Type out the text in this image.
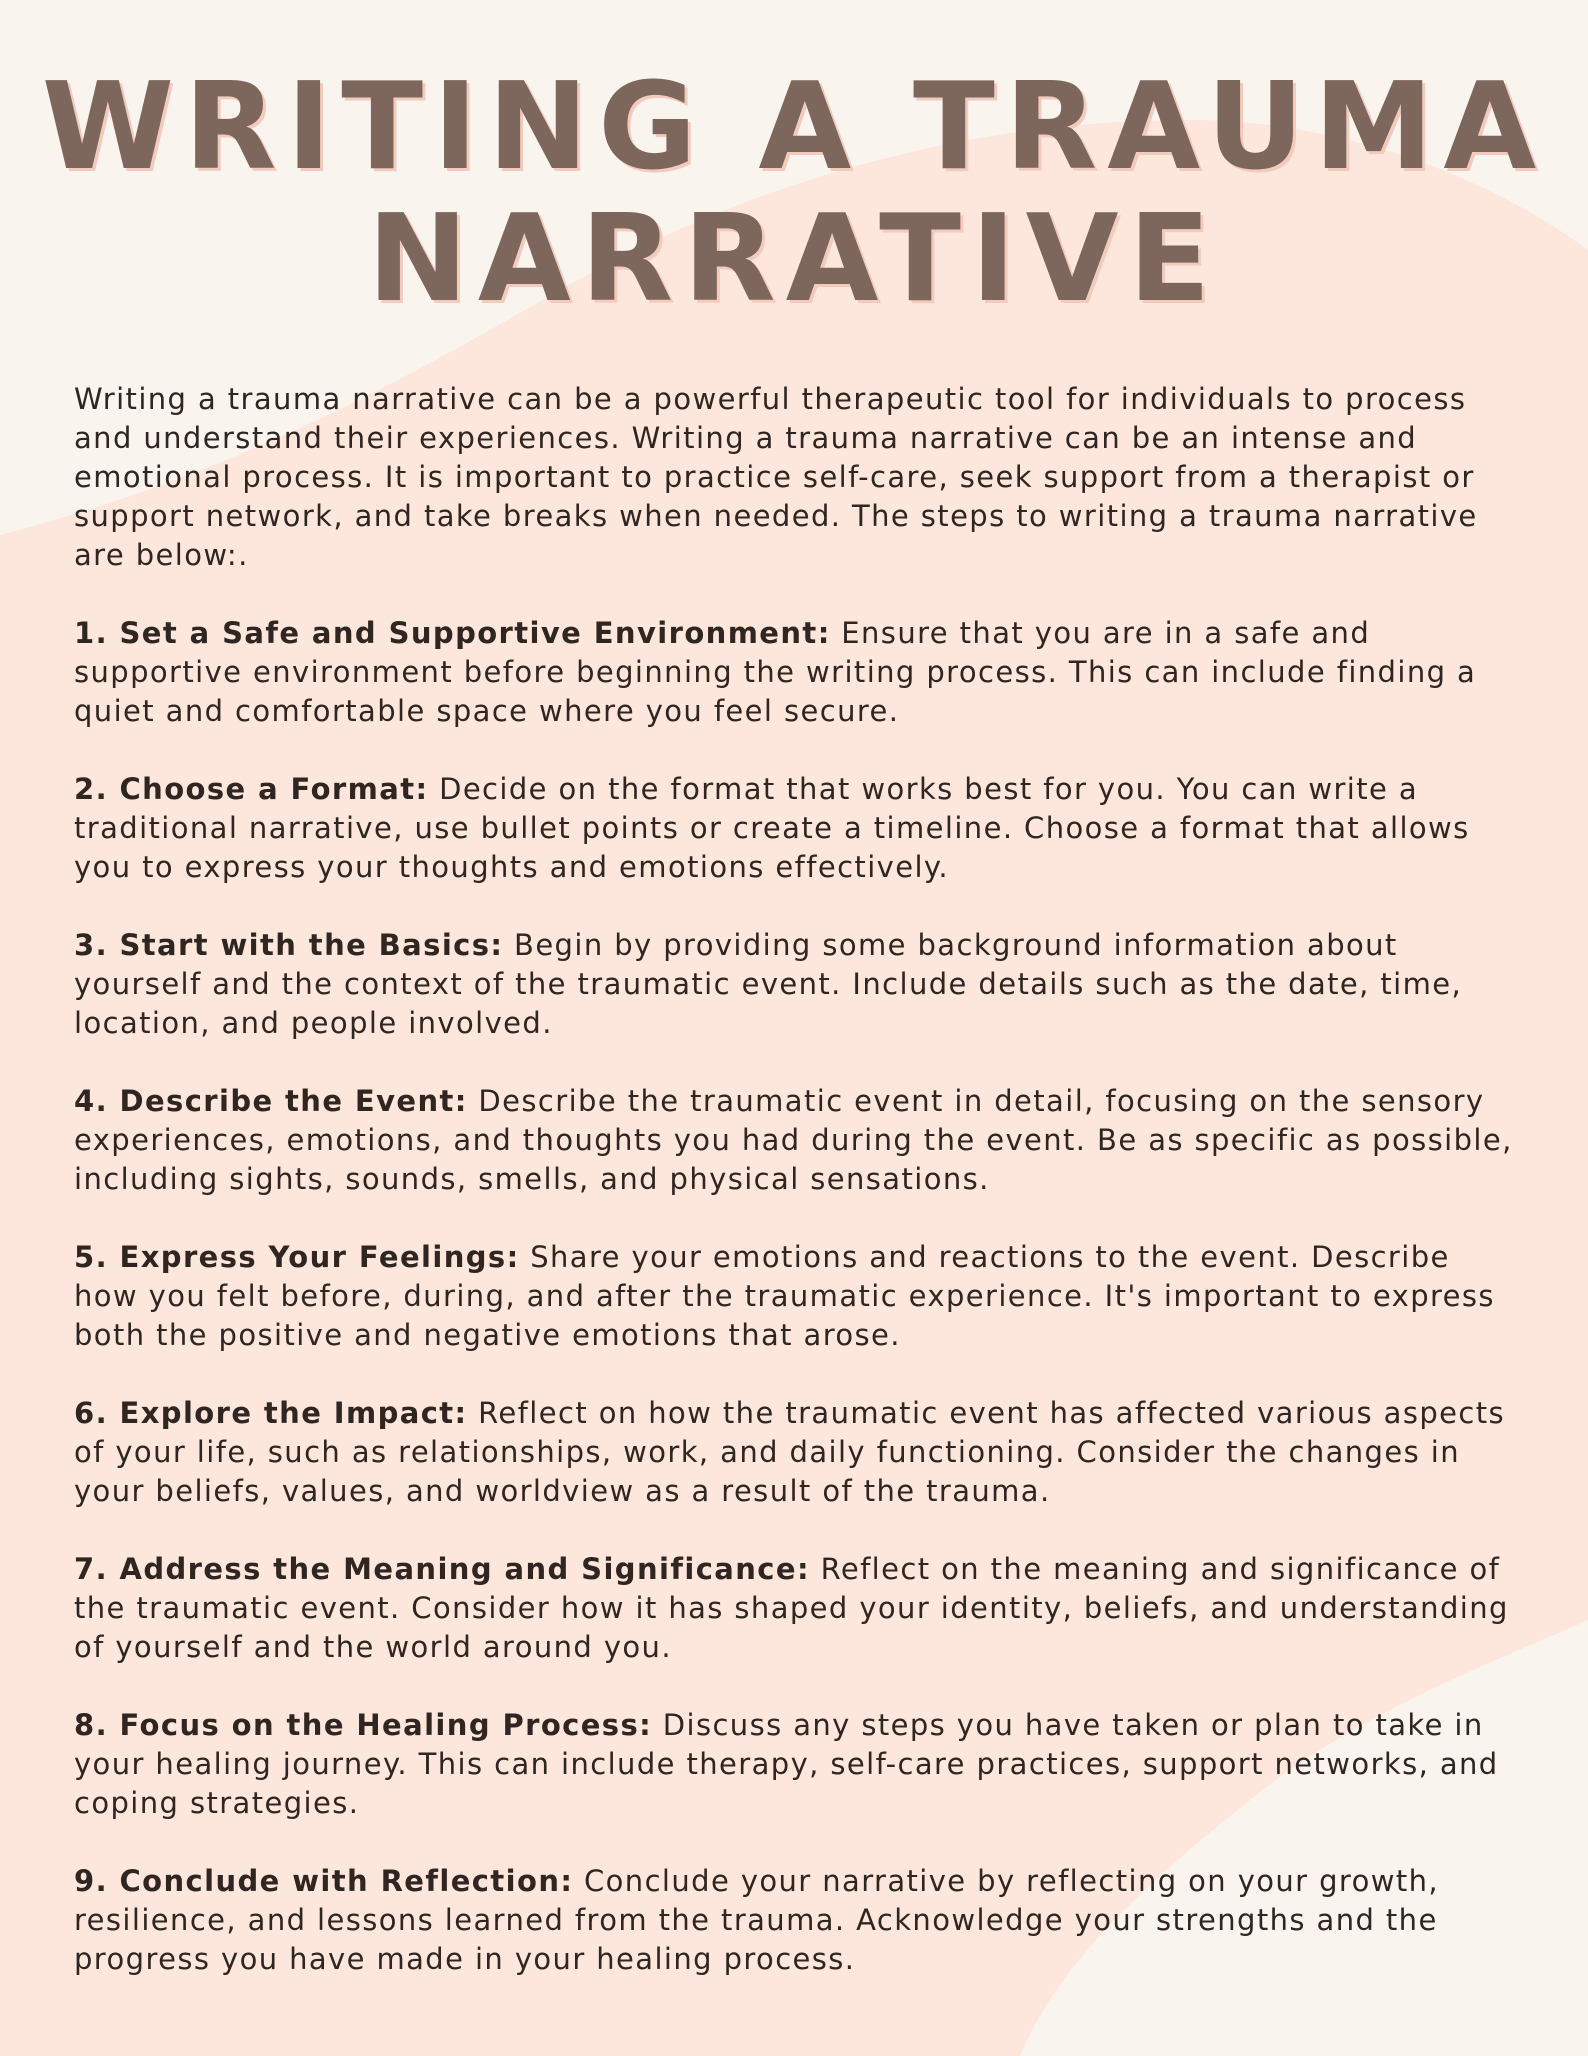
WRITING A TRAUMA
NARRATIVE

Writing a trauma narrative can be a powerful therapeutic tool for individuals to process and understand their experiences. Writing a trauma narrative can be an intense and emotional process. It is important to practice self-care, seek support from a therapist or support network, and take breaks when needed. The steps to writing a trauma narrative are below:.

1. Set a Safe and Supportive Environment: Ensure that you are in a safe and supportive environment before beginning the writing process. This can include finding a quiet and comfortable space where you feel secure.

2. Choose a Format: Decide on the format that works best for you. You can write a traditional narrative, use bullet points or create a timeline. Choose a format that allows you to express your thoughts and emotions effectively.

3. Start with the Basics: Begin by providing some background information about yourself and the context of the traumatic event. Include details such as the date, time, location, and people involved.

4. Describe the Event: Describe the traumatic event in detail, focusing on the sensory experiences, emotions, and thoughts you had during the event. Be as specific as possible, including sights, sounds, smells, and physical sensations.

5. Express Your Feelings: Share your emotions and reactions to the event. Describe how you felt before, during, and after the traumatic experience. It's important to express both the positive and negative emotions that arose.

6. Explore the Impact: Reflect on how the traumatic event has affected various aspects of your life, such as relationships, work, and daily functioning. Consider the changes in your beliefs, values, and worldview as a result of the trauma.

7. Address the Meaning and Significance: Reflect on the meaning and significance of the traumatic event. Consider how it has shaped your identity, beliefs, and understanding of yourself and the world around you.

8. Focus on the Healing Process: Discuss any steps you have taken or plan to take in your healing journey. This can include therapy, self-care practices, support networks, and coping strategies.

9. Conclude with Reflection: Conclude your narrative by reflecting on your growth, resilience, and lessons learned from the trauma. Acknowledge your strengths and the progress you have made in your healing process.
